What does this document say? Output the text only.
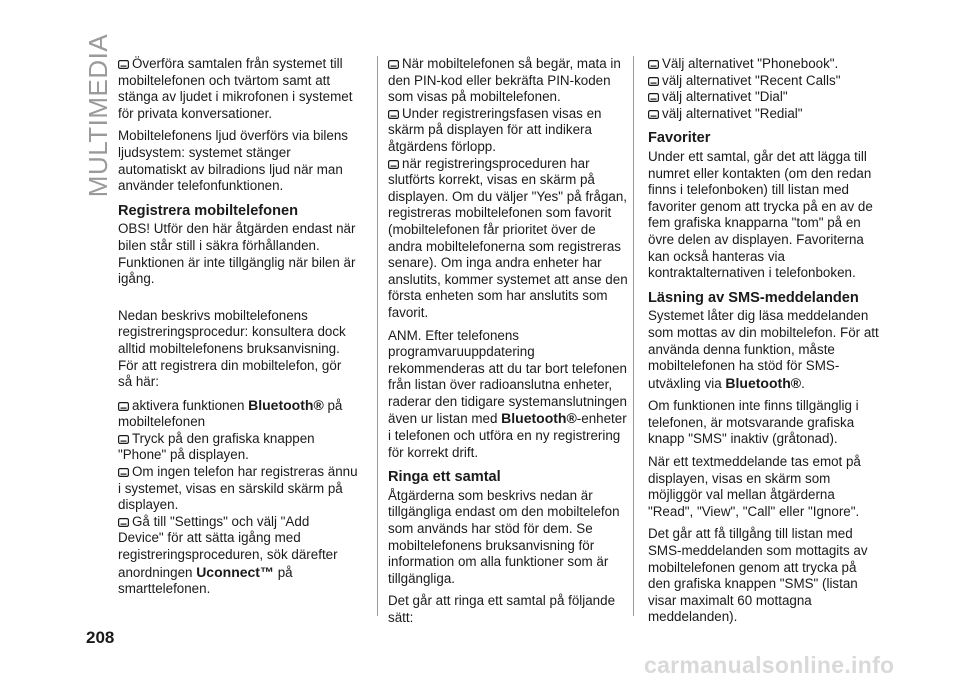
MULTIMEDIA	Överföra samtalen från systemet till mobiltelefonen och tvärtom samt att stänga av ljudet i mikrofonen i systemet för privata konversationer.

Mobiltelefonens ljud överförs via bilens ljudsystem: systemet stänger automatiskt av bilradions ljud när man använder telefonfunktionen.

Registrera mobiltelefonen

OBS! Utför den här åtgärden endast när bilen står still i säkra förhållanden. Funktionen är inte tillgänglig när bilen är igång.

Nedan beskrivs mobiltelefonens registreringsprocedur: konsultera dock alltid mobiltelefonens bruksanvisning. För att registrera din mobiltelefon, gör så här:

aktivera funktionen Bluetooth® på mobiltelefonen

Tryck på den grafiska knappen "Phone" på displayen.

Om ingen telefon har registreras ännu i systemet, visas en särskild skärm på displayen.

Gå till "Settings" och välj "Add Device" för att sätta igång med registreringsproceduren, sök därefter anordningen Uconnect™ på smarttelefonen.

När mobiltelefonen så begär, mata in den PIN-kod eller bekräfta PIN-koden som visas på mobiltelefonen.

Under registreringsfasen visas en skärm på displayen för att indikera åtgärdens förlopp.

när registreringsproceduren har slutförts korrekt, visas en skärm på displayen. Om du väljer "Yes" på frågan, registreras mobiltelefonen som favorit (mobiltelefonen får prioritet över de andra mobiltelefonerna som registreras senare). Om inga andra enheter har anslutits, kommer systemet att anse den första enheten som har anslutits som favorit.

ANM. Efter telefonens programvaruuppdatering rekommenderas att du tar bort telefonen från listan över radioanslutna enheter, raderar den tidigare systemanslutningen även ur listan med Bluetooth®-enheter i telefonen och utföra en ny registrering för korrekt drift.

Ringa ett samtal

Åtgärderna som beskrivs nedan är tillgängliga endast om den mobiltelefon som används har stöd för dem. Se mobiltelefonens bruksanvisning för information om alla funktioner som är tillgängliga.

Det går att ringa ett samtal på följande sätt:

Välj alternativet "Phonebook".

välj alternativet "Recent Calls"

välj alternativet "Dial"

välj alternativet "Redial"

Favoriter

Under ett samtal, går det att lägga till numret eller kontakten (om den redan finns i telefonboken) till listan med favoriter genom att trycka på en av de fem grafiska knapparna "tom" på en övre delen av displayen. Favoriterna kan också hanteras via kontraktalternativen i telefonboken.

Läsning av SMS-meddelanden

Systemet låter dig läsa meddelanden som mottas av din mobiltelefon. För att använda denna funktion, måste mobiltelefonen ha stöd för SMS-utväxling via Bluetooth®.

Om funktionen inte finns tillgänglig i telefonen, är motsvarande grafiska knapp "SMS" inaktiv (gråtonad).

När ett textmeddelande tas emot på displayen, visas en skärm som möjliggör val mellan åtgärderna "Read", "View", "Call" eller "Ignore".

Det går att få tillgång till listan med SMS-meddelanden som mottagits av mobiltelefonen genom att trycka på den grafiska knappen "SMS" (listan visar maximalt 60 mottagna meddelanden).

208
carmanualsonline.info
